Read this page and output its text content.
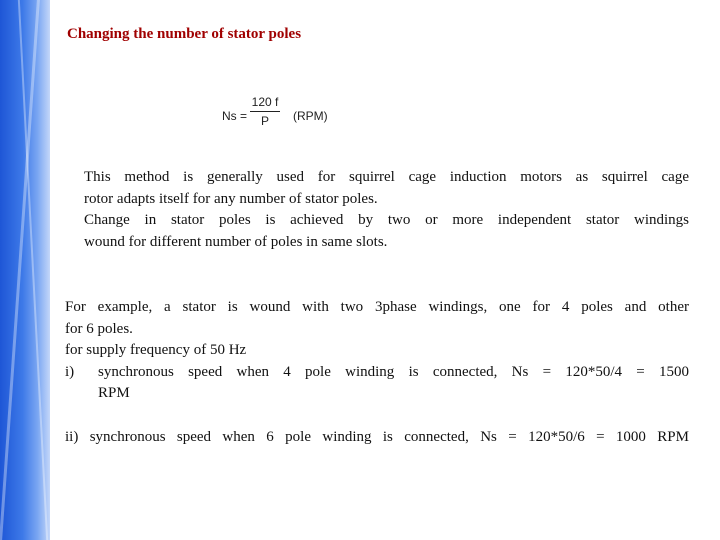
Changing the number of stator poles
Ns =
120 f
P	(RPM)
This method is generally used for squirrel cage induction motors as squirrel cage
rotor adapts itself for any number of stator poles.
Change in stator poles is achieved by two or more independent stator windings
wound for different number of poles in same slots.
For example, a stator is wound with two 3phase windings, one for 4 poles and other
for 6 poles.
for supply frequency of 50 Hz
i) synchronous speed when 4 pole winding is connected, Ns = 120*50/4 = 1500
RPM
ii) synchronous speed when 6 pole winding is connected, Ns = 120*50/6 = 1000 RPM
